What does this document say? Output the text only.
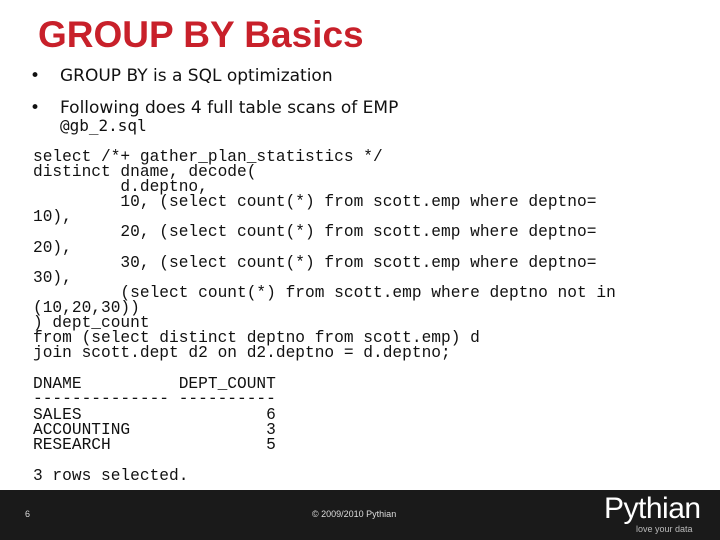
GROUP BY Basics
• GROUP BY is a SQL optimization
• Following does 4 full table scans of EMP
@gb_2.sql
select /*+ gather_plan_statistics */
distinct dname, decode(
d.deptno,
10, (select count(*) from scott.emp where deptno=
10),
20, (select count(*) from scott.emp where deptno=
20),
30, (select count(*) from scott.emp where deptno=
30),
(select count(*) from scott.emp where deptno not in
(10,20,30))
) dept_count
from (select distinct deptno from scott.emp) d
join scott.dept d2 on d2.deptno = d.deptno;
DNAME          DEPT_COUNT
-------------- ----------
SALES                   6
ACCOUNTING              3
RESEARCH                5

3 rows selected.
6	© 2009/2010 Pythian	Pythian
love your data
